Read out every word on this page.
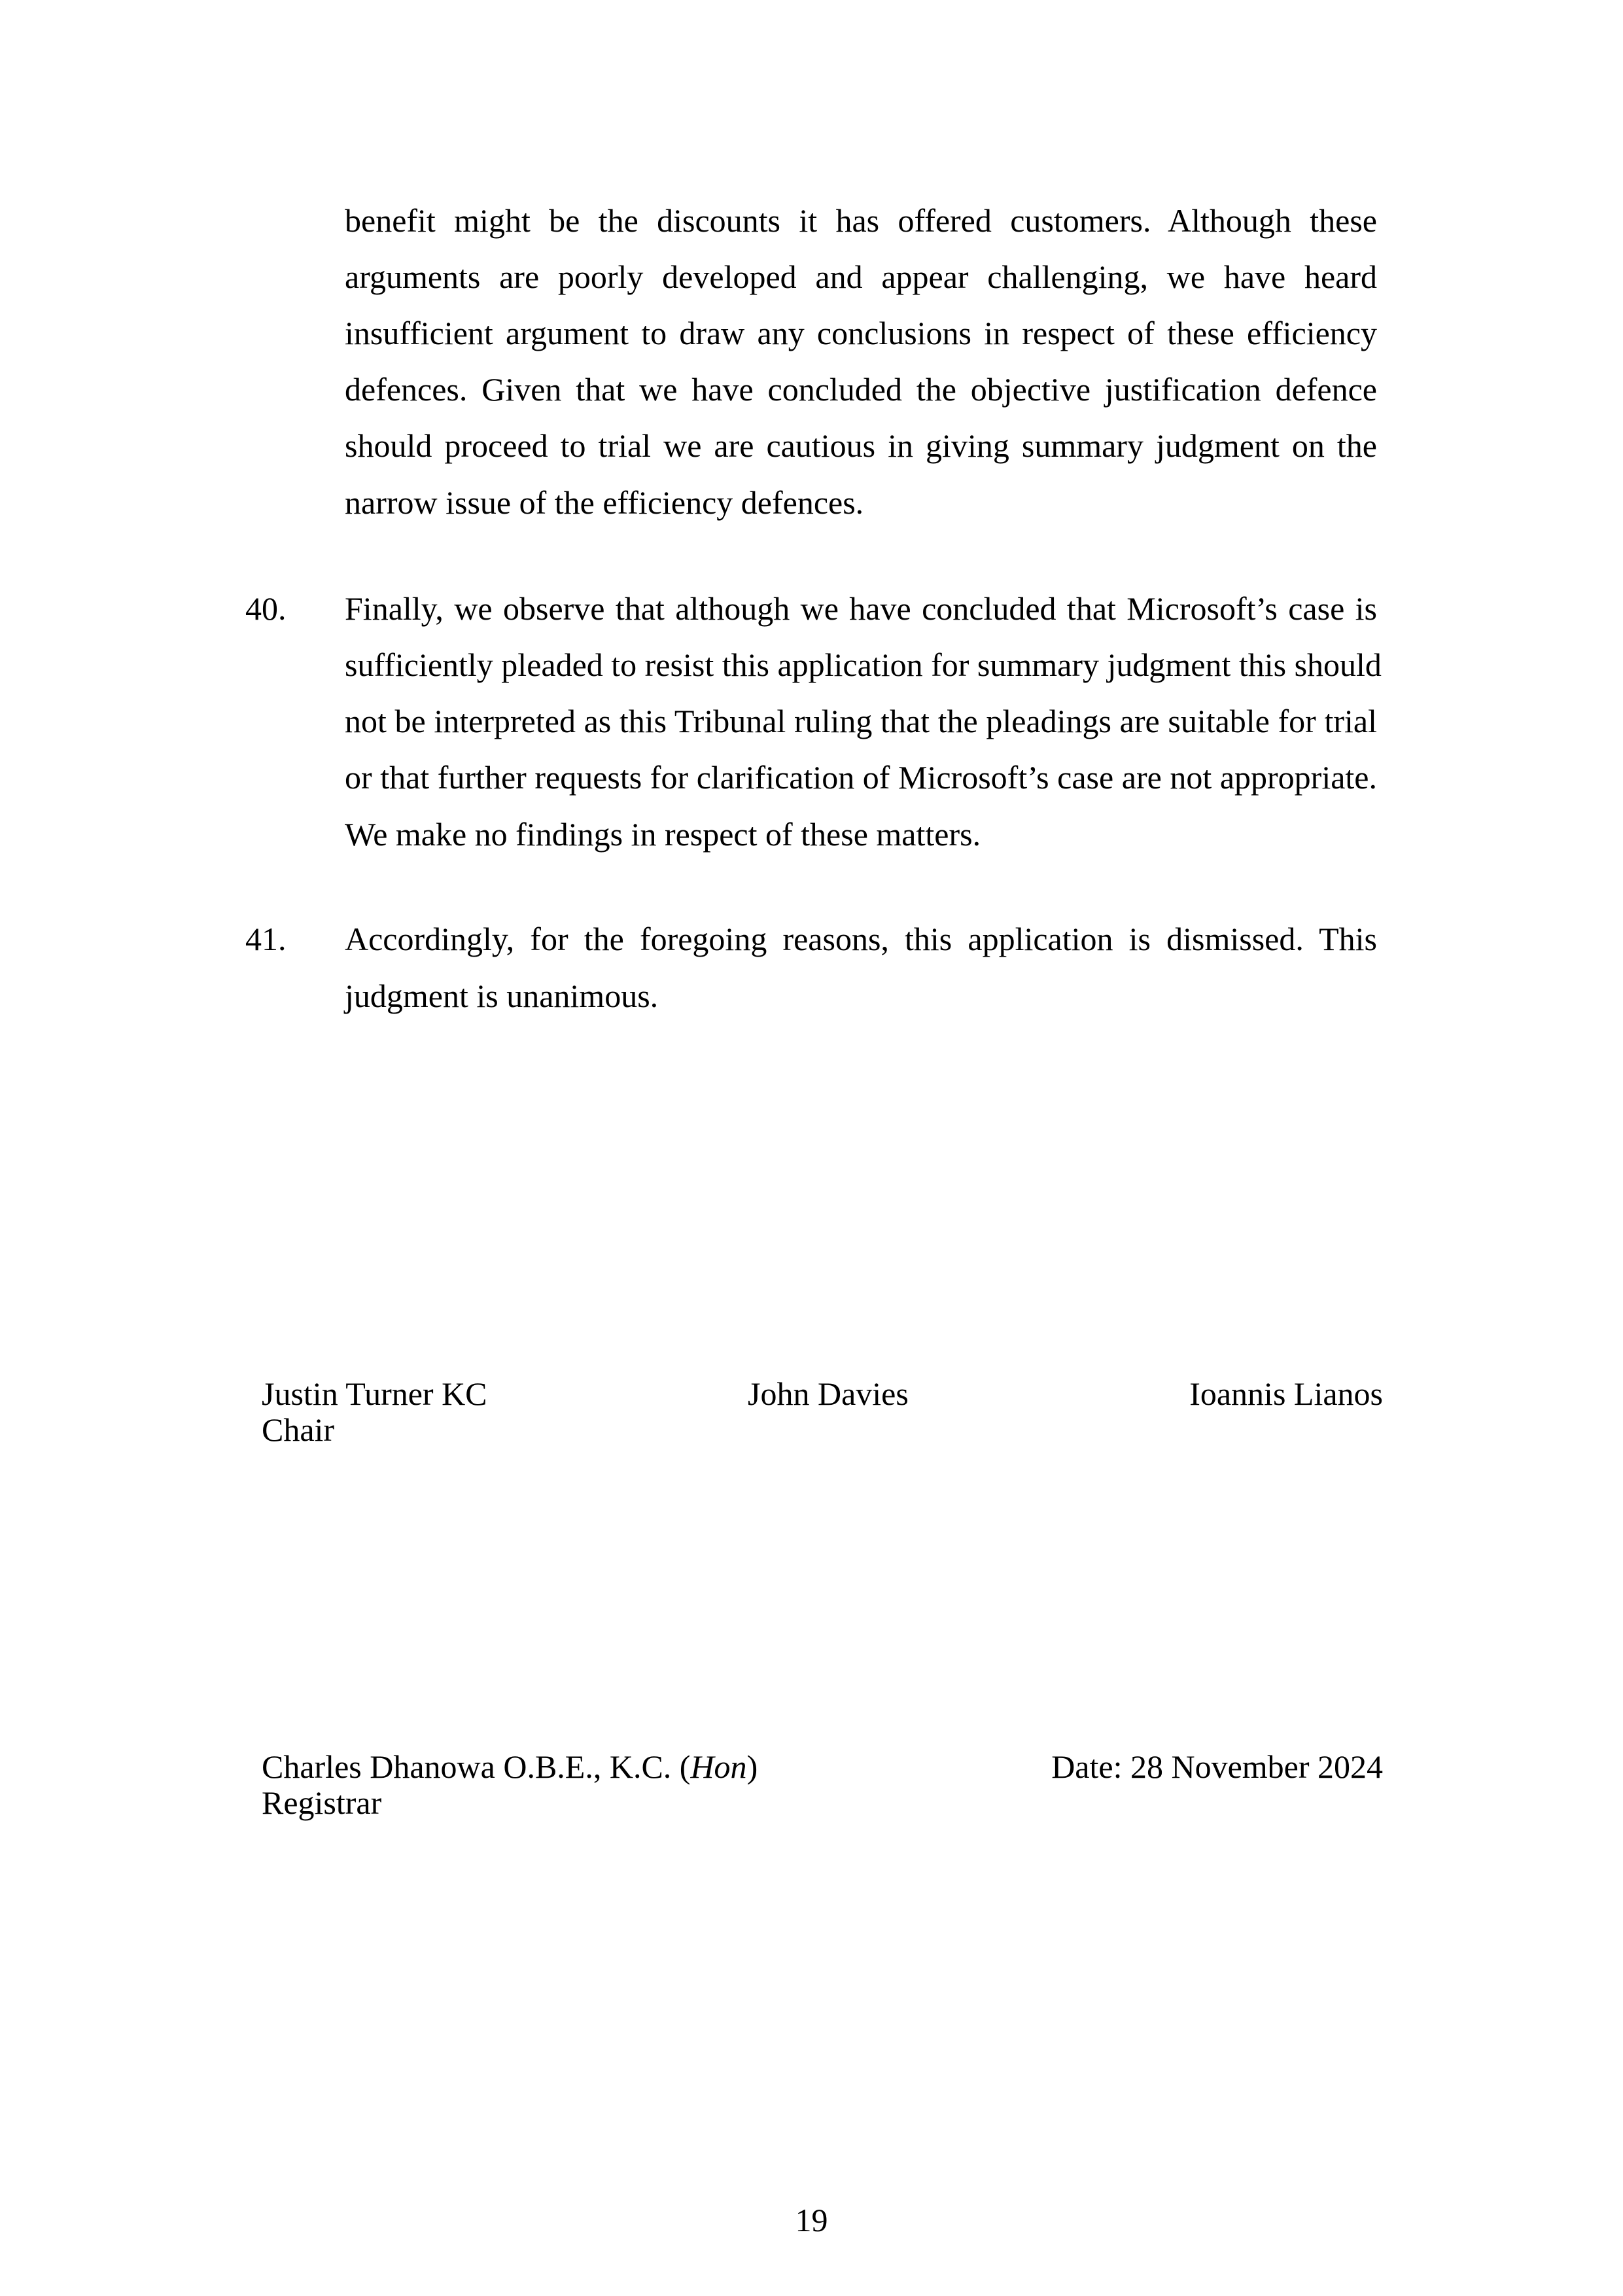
benefit might be the discounts it has offered customers. Although these
arguments are poorly developed and appear challenging, we have heard
insufficient argument to draw any conclusions in respect of these efficiency
defences. Given that we have concluded the objective justification defence
should proceed to trial we are cautious in giving summary judgment on the
narrow issue of the efficiency defences.
40. Finally, we observe that although we have concluded that Microsoft’s case is
sufficiently pleaded to resist this application for summary judgment this should
not be interpreted as this Tribunal ruling that the pleadings are suitable for trial
or that further requests for clarification of Microsoft’s case are not appropriate.
We make no findings in respect of these matters.
41. Accordingly, for the foregoing reasons, this application is dismissed. This
judgment is unanimous.
Justin Turner KC
Chair
John Davies	Ioannis Lianos
Charles Dhanowa O.B.E., K.C. (Hon)
Registrar
Date: 28 November 2024
19
